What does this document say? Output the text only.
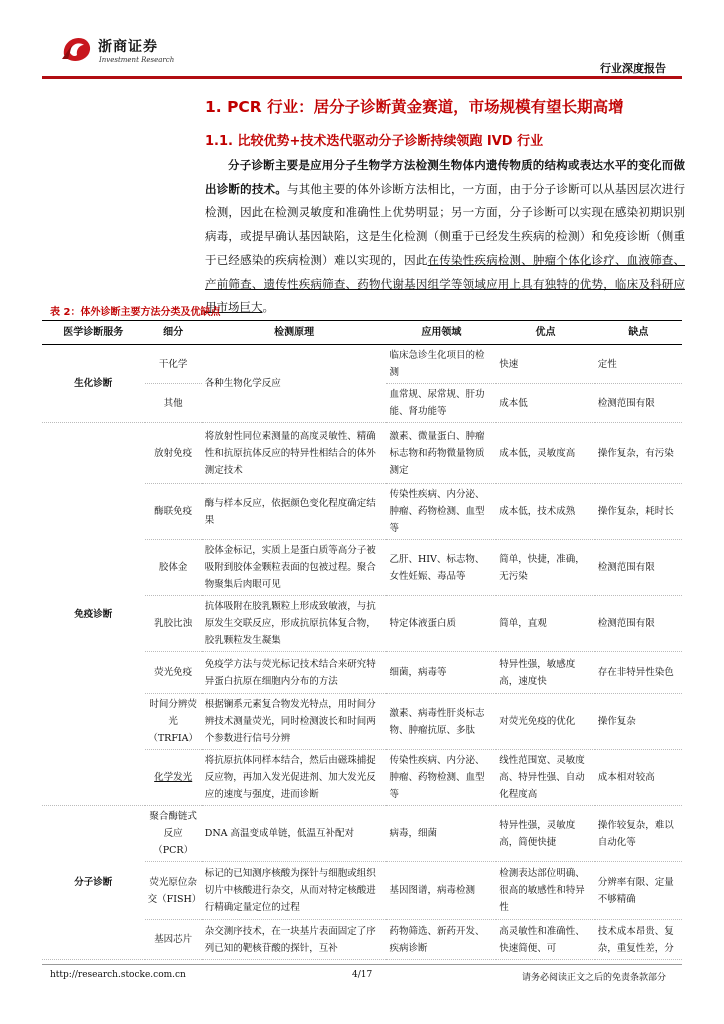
浙商证券
Investment Research
行业深度报告
1. PCR 行业：居分子诊断黄金赛道，市场规模有望长期高增
1.1. 比较优势+技术迭代驱动分子诊断持续领跑 IVD 行业
分子诊断主要是应用分子生物学方法检测生物体内遗传物质的结构或表达水平的变化而做出诊断的技术。与其他主要的体外诊断方法相比，一方面，由于分子诊断可以从基因层次进行检测，因此在检测灵敏度和准确性上优势明显；另一方面，分子诊断可以实现在感染初期识别病毒，或提早确认基因缺陷，这是生化检测（侧重于已经发生疾病的检测）和免疫诊断（侧重于已经感染的疾病检测）难以实现的，因此在传染性疾病检测、肿瘤个体化诊疗、血液筛查、产前筛查、遗传性疾病筛查、药物代谢基因组学等领域应用上具有独特的优势，临床及科研应用市场巨大。
表 2：体外诊断主要方法分类及优缺点
医学诊断服务	细分	检测原理	应用领域	优点	缺点
生化诊断	干化学	各种生物化学反应	临床急诊生化项目的检测	快速	定性
	其他		血常规、尿常规、肝功能、肾功能等	成本低	检测范围有限
免疫诊断	放射免疫	将放射性同位素测量的高度灵敏性、精确性和抗原抗体反应的特异性相结合的体外测定技术	激素、微量蛋白、肿瘤标志物和药物微量物质测定	成本低，灵敏度高	操作复杂，有污染
	酶联免疫	酶与样本反应，依据颜色变化程度确定结果	传染性疾病、内分泌、肿瘤、药物检测、血型等	成本低，技术成熟	操作复杂，耗时长
	胶体金	胶体金标记，实质上是蛋白质等高分子被吸附到胶体金颗粒表面的包被过程。聚合物聚集后肉眼可见	乙肝、HIV、标志物、女性妊娠、毒品等	简单，快捷，准确，无污染	检测范围有限
	乳胶比浊	抗体吸附在胶乳颗粒上形成致敏液，与抗原发生交联反应，形成抗原抗体复合物，胶乳颗粒发生凝集	特定体液蛋白质	简单，直观	检测范围有限
	荧光免疫	免疫学方法与荧光标记技术结合来研究特异蛋白抗原在细胞内分布的方法	细菌，病毒等	特异性强，敏感度高，速度快	存在非特异性染色
	时间分辨荧光（TRFIA）	根据镧系元素复合物发光特点，用时间分辨技术测量荧光，同时检测波长和时间两个参数进行信号分辨	激素、病毒性肝炎标志物、肿瘤抗原、多肽	对荧光免疫的优化	操作复杂
	化学发光	将抗原抗体同样本结合，然后由磁珠捕捉反应物，再加入发光促进剂、加大发光反应的速度与强度，进而诊断	传染性疾病、内分泌、肿瘤、药物检测、血型等	线性范围宽、灵敏度高、特异性强、自动化程度高	成本相对较高
分子诊断	聚合酶链式反应（PCR）	DNA 高温变成单链，低温互补配对	病毒，细菌	特异性强，灵敏度高，简便快捷	操作较复杂，难以自动化等
	荧光原位杂交（FISH）	标记的已知测序核酸为探针与细胞或组织切片中核酸进行杂交，从而对特定核酸进行精确定量定位的过程	基因图谱，病毒检测	检测表达部位明确、很高的敏感性和特异性	分辨率有限、定量不够精确
	基因芯片	杂交测序技术，在一块基片表面固定了序列已知的靶核苷酸的探针，互补	药物筛选、新药开发、疾病诊断	高灵敏性和准确性、快速简便、可	技术成本昂贵、复杂，重复性差，分
http://research.stocke.com.cn	4/17	请务必阅读正文之后的免责条款部分
